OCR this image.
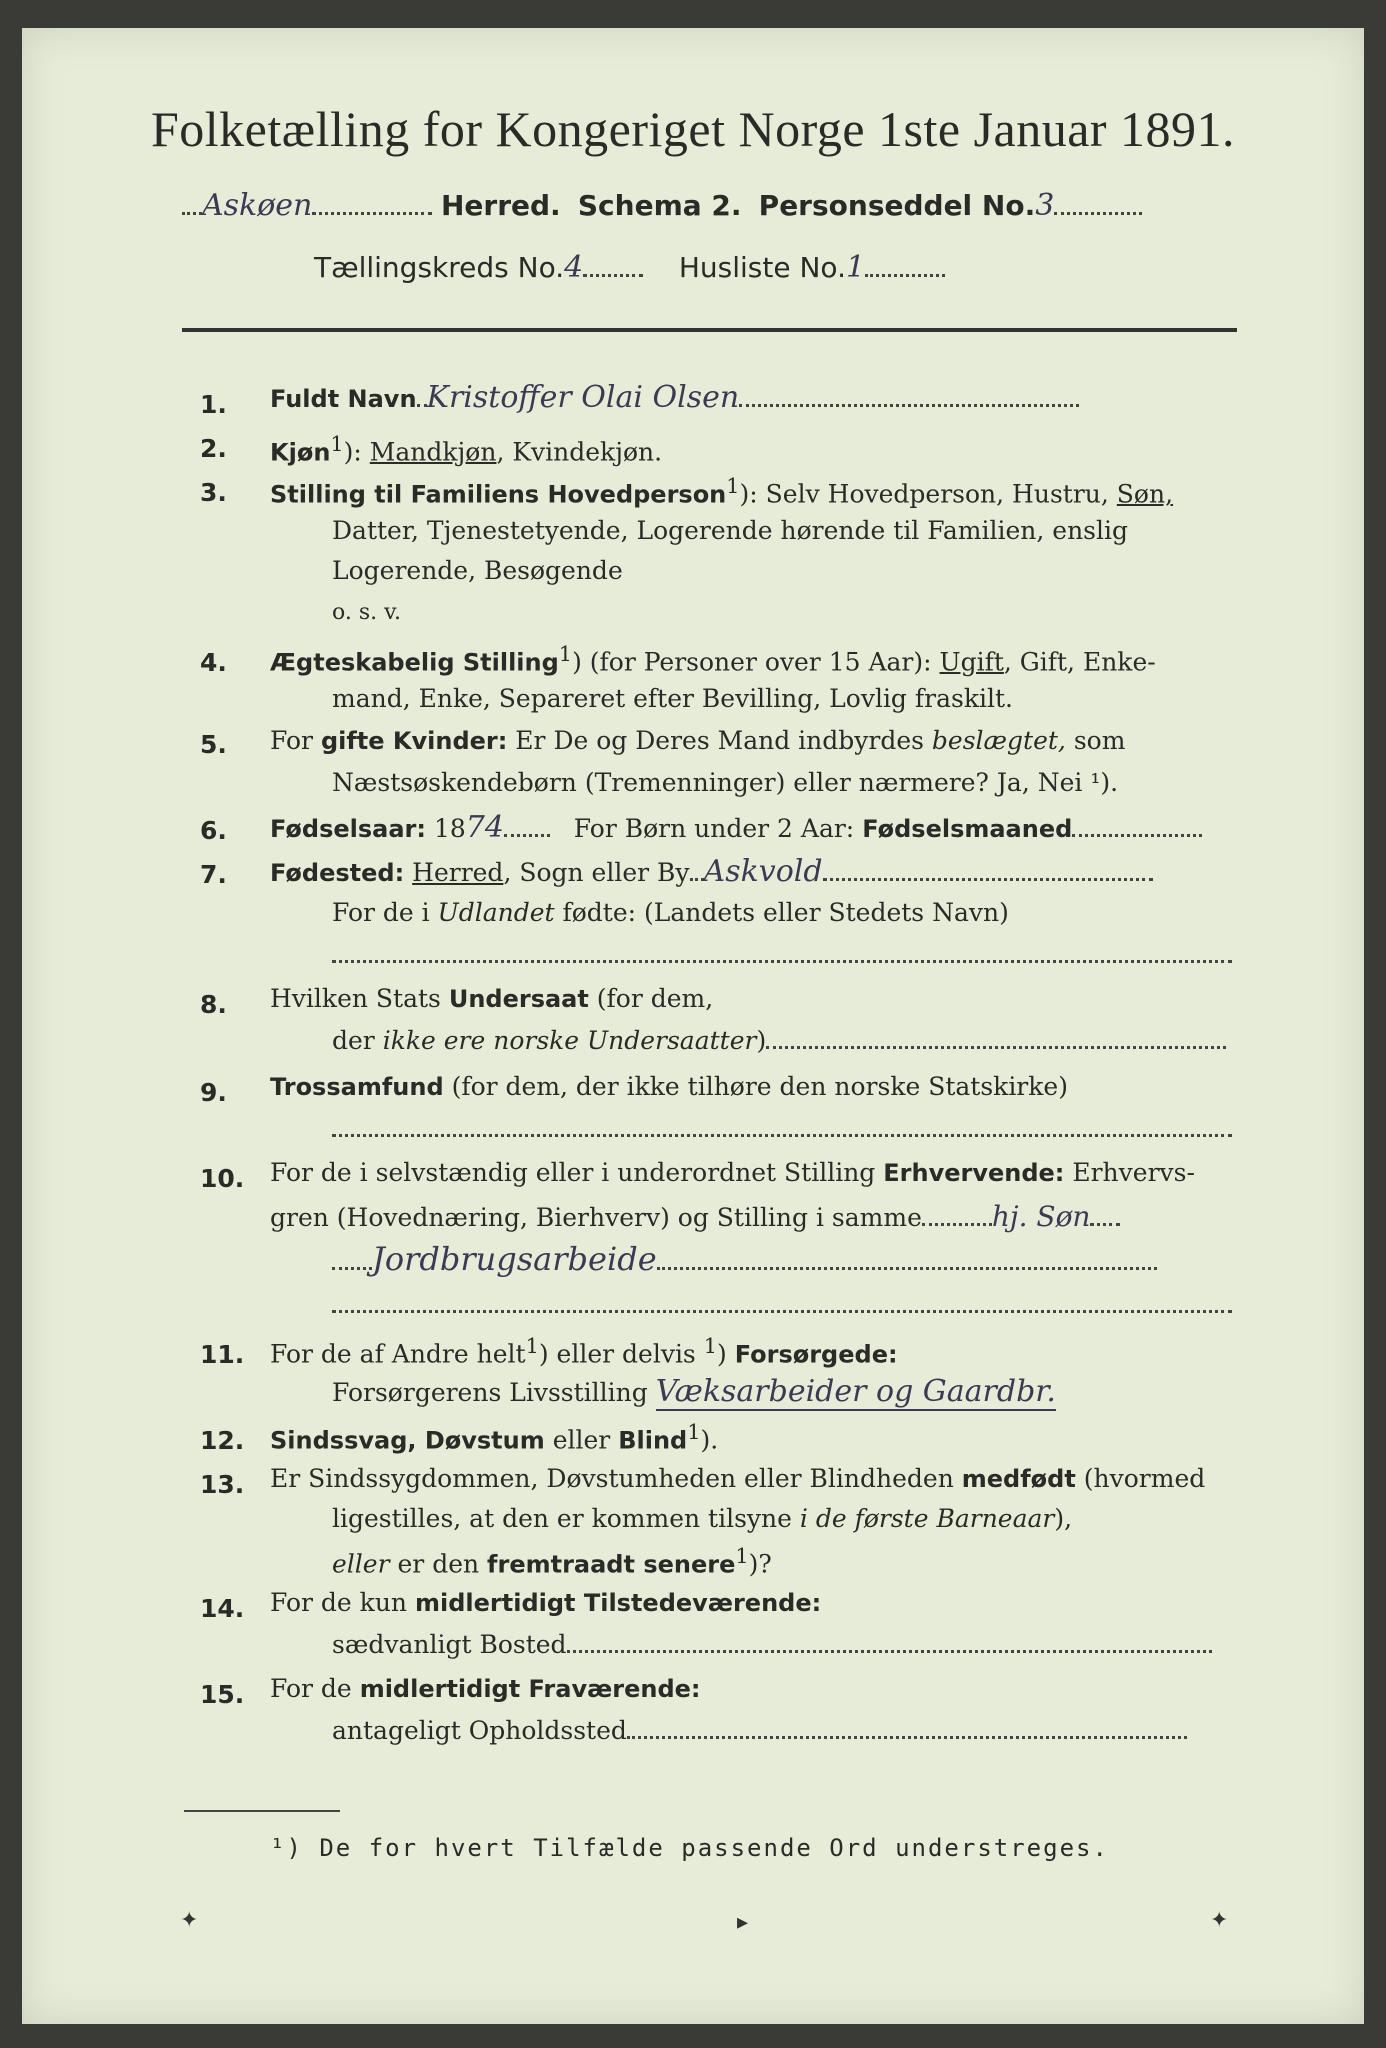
Folketælling for Kongeriget Norge 1ste Januar 1891.
Askøen	Herred. Schema 2. Personseddel No.3
Tællingskreds No.4	Husliste No.1
1. Fuldt Navn Kristoffer Olai Olsen
2. Kjøn$^1$): Mandkjøn, Kvindekjøn.
3. Stilling til Familiens Hovedperson$^1$): Selv Hovedperson, Hustru, Søn,
Datter, Tjenestetyende, Logerende hørende til Familien, enslig
Logerende, Besøgende
o. s. v.
4. Ægteskabelig Stilling$^1$) (for Personer over 15 Aar): Ugift, Gift, Enke-
mand, Enke, Separeret efter Bevilling, Lovlig fraskilt.
5. For gifte Kvinder: Er De og Deres Mand indbyrdes beslægtet, som
Næstsøskendebørn (Tremenninger) eller nærmere? Ja, Nei ¹).
6. Fødselsaar: 1874	For Børn under 2 Aar: Fødselsmaaned
7. Fødested: Herred, Sogn eller By Askvold
For de i Udlandet fødte: (Landets eller Stedets Navn)
8. Hvilken Stats Undersaat (for dem,
der ikke ere norske Undersaatter)
9. Trossamfund (for dem, der ikke tilhøre den norske Statskirke)
10. For de i selvstændig eller i underordnet Stilling Erhvervende: Erhvervs-
gren (Hovednæring, Bierhverv) og Stilling i samme	hj. Søn
Jordbrugsarbeide
11. For de af Andre helt$^1$) eller delvis $^1$) Forsørgede:
Forsørgerens Livsstilling Væksarbeider og Gaardbr.
12. Sindssvag, Døvstum eller Blind$^1$).
13. Er Sindssygdommen, Døvstumheden eller Blindheden medfødt (hvormed
ligestilles, at den er kommen tilsyne i de første Barneaar),
eller er den fremtraadt senere$^1$)?
14. For de kun midlertidigt Tilstedeværende:
sædvanligt Bosted
15. For de midlertidigt Fraværende:
antageligt Opholdssted
¹) De for hvert Tilfælde passende Ord understreges.
✦	▸	✦
